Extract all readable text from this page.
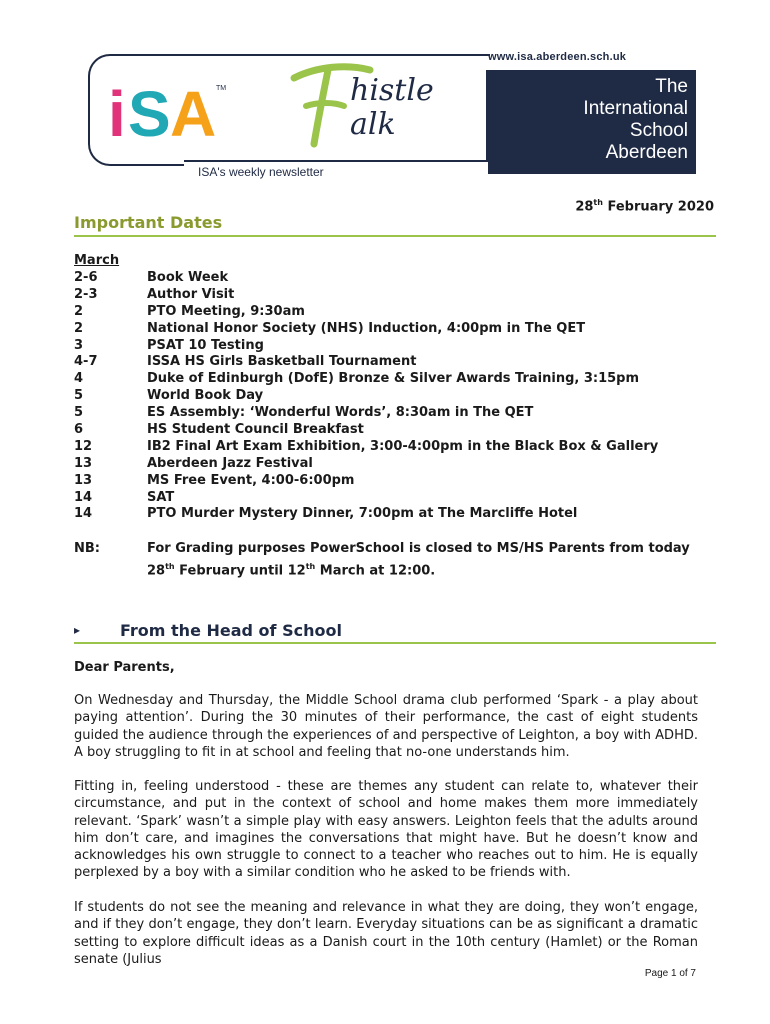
www.isa.aberdeen.sch.uk
i S A TM	histle
alk
The
International
School
Aberdeen
ISA's weekly newsletter
28th February 2020
Important Dates
March
2-6	Book Week
2-3	Author Visit
2	PTO Meeting, 9:30am
2	National Honor Society (NHS) Induction, 4:00pm in The QET
3	PSAT 10 Testing
4-7	ISSA HS Girls Basketball Tournament
4	Duke of Edinburgh (DofE) Bronze & Silver Awards Training, 3:15pm
5	World Book Day
5	ES Assembly: ‘Wonderful Words’, 8:30am in The QET
6	HS Student Council Breakfast
12	IB2 Final Art Exam Exhibition, 3:00-4:00pm in the Black Box & Gallery
13	Aberdeen Jazz Festival
13	MS Free Event, 4:00-6:00pm
14	SAT
14	PTO Murder Mystery Dinner, 7:00pm at The Marcliffe Hotel
NB:	For Grading purposes PowerSchool is closed to MS/HS Parents from today
28th February until 12th March at 12:00.
▸	From the Head of School
Dear Parents,
On Wednesday and Thursday, the Middle School drama club performed ‘Spark - a play about paying attention’. During the 30 minutes of their performance, the cast of eight students guided the audience through the experiences of and perspective of Leighton, a boy with ADHD. A boy struggling to fit in at school and feeling that no-one understands him.
Fitting in, feeling understood - these are themes any student can relate to, whatever their circumstance, and put in the context of school and home makes them more immediately relevant. ‘Spark’ wasn’t a simple play with easy answers. Leighton feels that the adults around him don’t care, and imagines the conversations that might have. But he doesn’t know and acknowledges his own struggle to connect to a teacher who reaches out to him. He is equally perplexed by a boy with a similar condition who he asked to be friends with.
If students do not see the meaning and relevance in what they are doing, they won’t engage, and if they don’t engage, they don’t learn. Everyday situations can be as significant a dramatic setting to explore difficult ideas as a Danish court in the 10th century (Hamlet) or the Roman senate (Julius
Page 1 of 7
